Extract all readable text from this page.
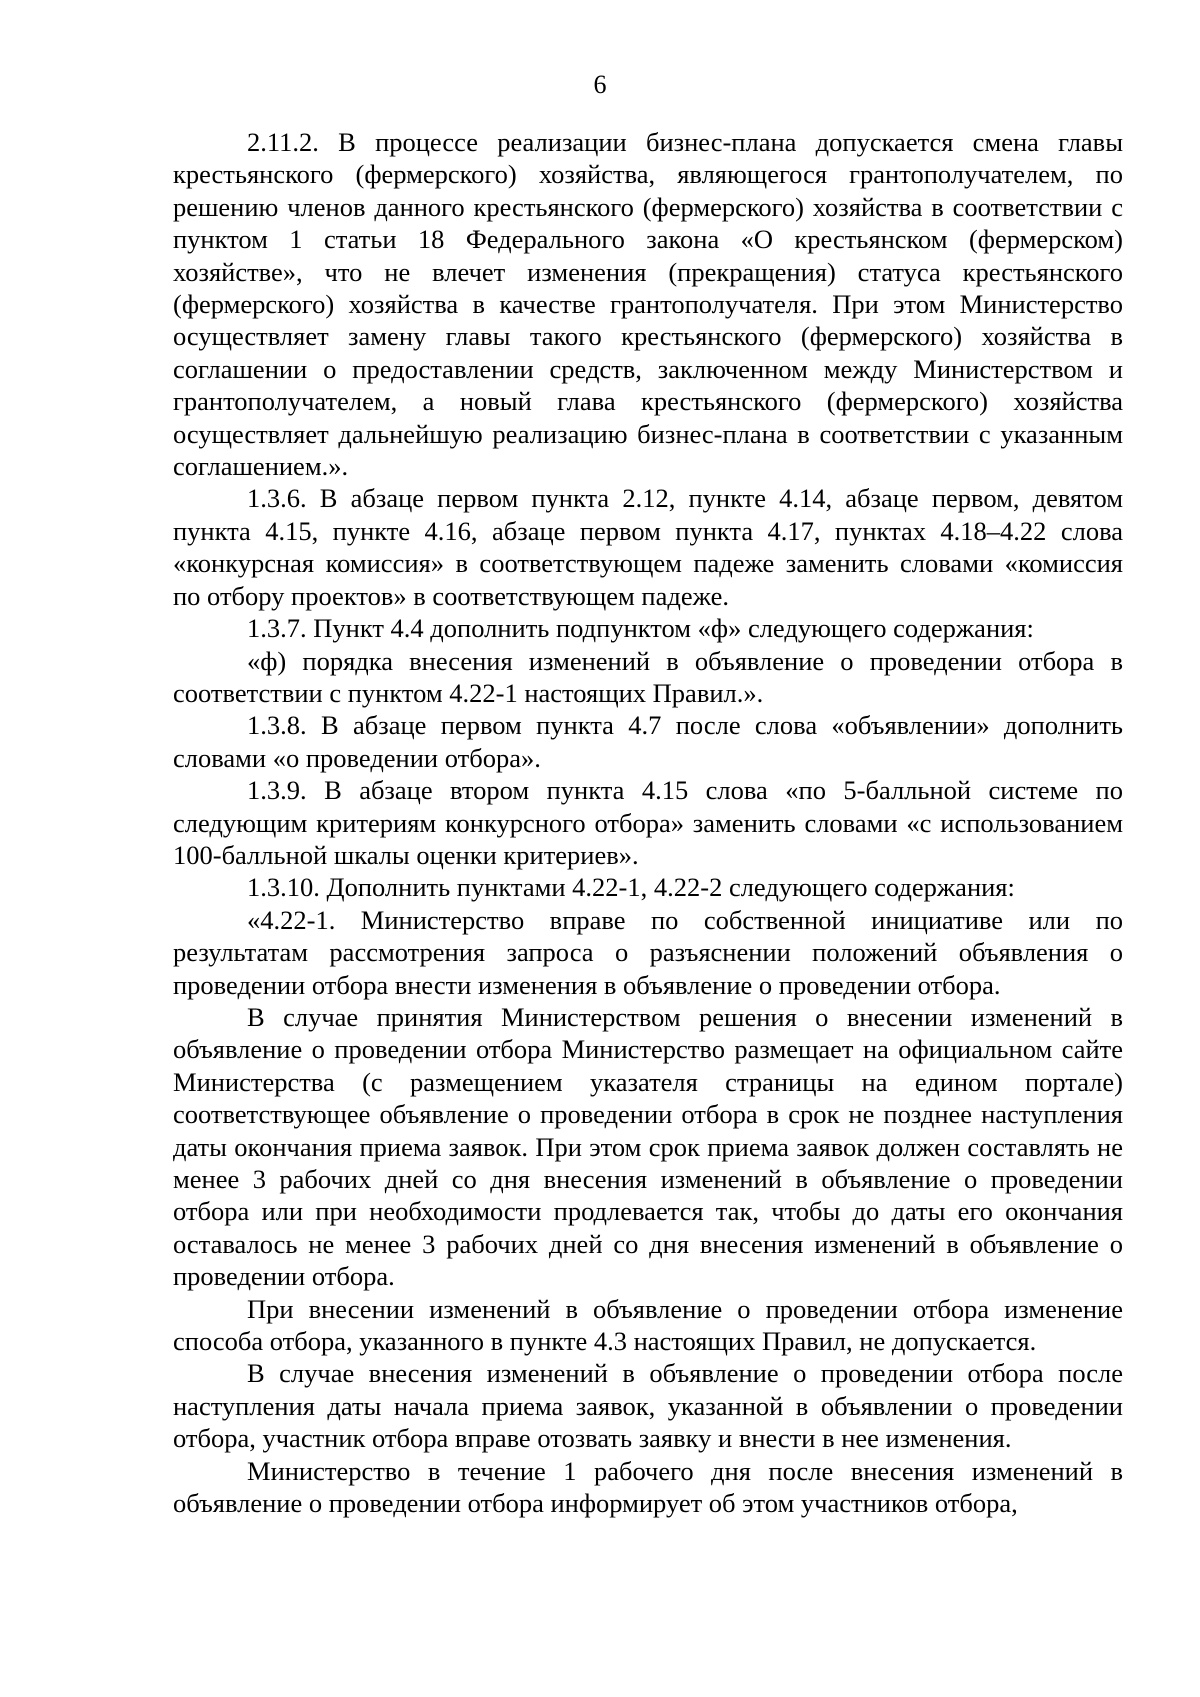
6

2.11.2. В процессе реализации бизнес-плана допускается смена главы крестьянского (фермерского) хозяйства, являющегося грантополучателем, по решению членов данного крестьянского (фермерского) хозяйства в соответствии с пунктом 1 статьи 18 Федерального закона «О крестьянском (фермерском) хозяйстве», что не влечет изменения (прекращения) статуса крестьянского (фермерского) хозяйства в качестве грантополучателя. При этом Министерство осуществляет замену главы такого крестьянского (фермерского) хозяйства в соглашении о предоставлении средств, заключенном между Министерством и грантополучателем, а новый глава крестьянского (фермерского) хозяйства осуществляет дальнейшую реализацию бизнес-плана в соответствии с указанным соглашением.».

1.3.6. В абзаце первом пункта 2.12, пункте 4.14, абзаце первом, девятом пункта 4.15, пункте 4.16, абзаце первом пункта 4.17, пунктах 4.18–4.22 слова «конкурсная комиссия» в соответствующем падеже заменить словами «комиссия по отбору проектов» в соответствующем падеже.

1.3.7. Пункт 4.4 дополнить подпунктом «ф» следующего содержания:

«ф) порядка внесения изменений в объявление о проведении отбора в соответствии с пунктом 4.22-1 настоящих Правил.».

1.3.8. В абзаце первом пункта 4.7 после слова «объявлении» дополнить словами «о проведении отбора».

1.3.9. В абзаце втором пункта 4.15 слова «по 5-балльной системе по следующим критериям конкурсного отбора» заменить словами «с использованием 100-балльной шкалы оценки критериев».

1.3.10. Дополнить пунктами 4.22-1, 4.22-2 следующего содержания:

«4.22-1. Министерство вправе по собственной инициативе или по результатам рассмотрения запроса о разъяснении положений объявления о проведении отбора внести изменения в объявление о проведении отбора.

В случае принятия Министерством решения о внесении изменений в объявление о проведении отбора Министерство размещает на официальном сайте Министерства (с размещением указателя страницы на едином портале) соответствующее объявление о проведении отбора в срок не позднее наступления даты окончания приема заявок. При этом срок приема заявок должен составлять не менее 3 рабочих дней со дня внесения изменений в объявление о проведении отбора или при необходимости продлевается так, чтобы до даты его окончания оставалось не менее 3 рабочих дней со дня внесения изменений в объявление о проведении отбора.

При внесении изменений в объявление о проведении отбора изменение способа отбора, указанного в пункте 4.3 настоящих Правил, не допускается.

В случае внесения изменений в объявление о проведении отбора после наступления даты начала приема заявок, указанной в объявлении о проведении отбора, участник отбора вправе отозвать заявку и внести в нее изменения.

Министерство в течение 1 рабочего дня после внесения изменений в объявление о проведении отбора информирует об этом участников отбора,
